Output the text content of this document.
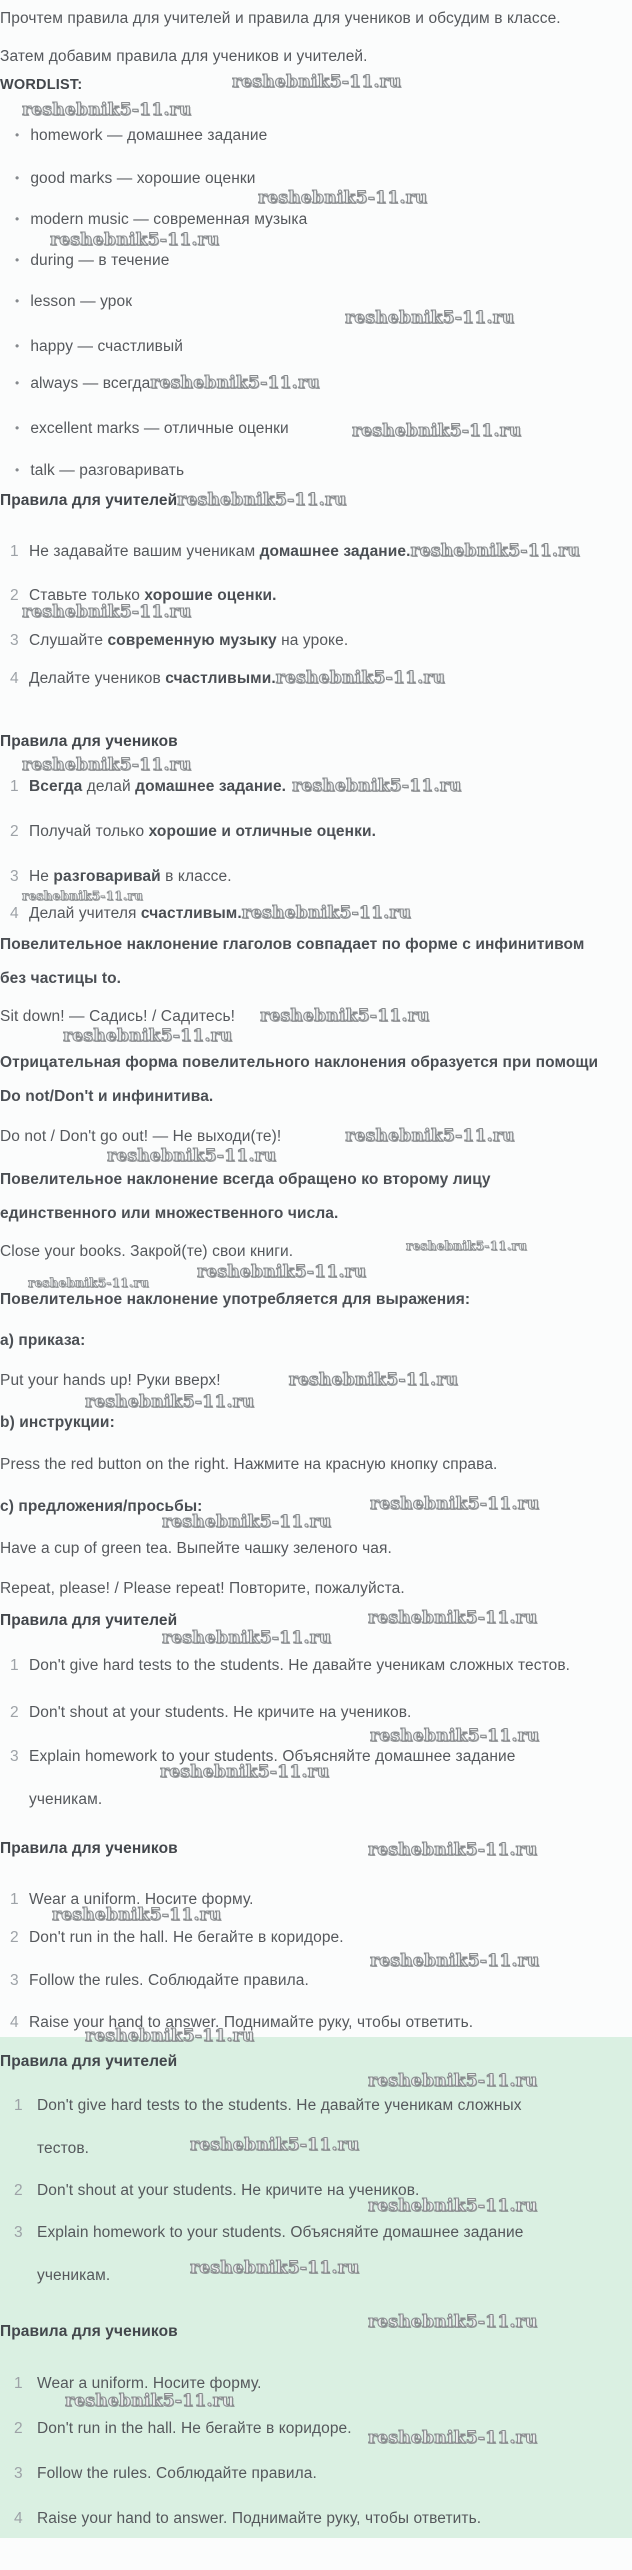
Прочтем правила для учителей и правила для учеников и обсудим в классе.
Затем добавим правила для учеников и учителей.
WORDLIST:
• homework — домашнее задание
• good marks — хорошие оценки
• modern music — современная музыка
• during — в течение
• lesson — урок
• happy — счастливый
• always — всегдаreshebnik5-11.ru
• excellent marks — отличные оценки
• talk — разговаривать
Правила для учителейreshebnik5-11.ru
1 Не задавайте вашим ученикам домашнее задание.reshebnik5-11.ru
2 Ставьте только хорошие оценки.
3 Слушайте современную музыку на уроке.
4 Делайте учеников счастливыми.reshebnik5-11.ru
Правила для учеников
1 Всегда делай домашнее задание. reshebnik5-11.ru
2 Получай только хорошие и отличные оценки.
3 Не разговаривай в классе.
4 Делай учителя счастливым.reshebnik5-11.ru
Повелительное наклонение глаголов совпадает по форме с инфинитивом без частицы to.
Sit down! — Садись! / Садитесь! reshebnik5-11.ru
Отрицательная форма повелительного наклонения образуется при помощи Do not/Don't и инфинитива.
Do not / Don't go out! — Не выходи(те)!	reshebnik5-11.ru
Повелительное наклонение всегда обращено ко второму лицу единственного или множественного числа.
Close your books. Закрой(те) свои книги.
Повелительное наклонение употребляется для выражения:
а) приказа:
Put your hands up! Руки вверх!	reshebnik5-11.ru
b) инструкции:
Press the red button on the right. Нажмите на красную кнопку справа.
с) предложения/просьбы:
Have a cup of green tea. Выпейте чашку зеленого чая.
Repeat, please! / Please repeat! Повторите, пожалуйста.
Правила для учителей
1 Don't give hard tests to the students. Не давайте ученикам сложных тестов.
2 Don't shout at your students. Не кричите на учеников.
3 Explain homework to your students. Объясняйте домашнее задание ученикам.
Правила для учеников
1 Wear a uniform. Носите форму.
2 Don't run in the hall. Не бегайте в коридоре.
3 Follow the rules. Соблюдайте правила.
4 Raise your hand to answer. Поднимайте руку, чтобы ответить.
Правила для учителей
1 Don't give hard tests to the students. Не давайте ученикам сложных тестов.
2 Don't shout at your students. Не кричите на учеников.
3 Explain homework to your students. Объясняйте домашнее задание ученикам.
Правила для учеников
1 Wear a uniform. Носите форму.
2 Don't run in the hall. Не бегайте в коридоре.
3 Follow the rules. Соблюдайте правила.
4 Raise your hand to answer. Поднимайте руку, чтобы ответить.
reshebnik5-11.ru
reshebnik5-11.ru
reshebnik5-11.ru
reshebnik5-11.ru
reshebnik5-11.ru
reshebnik5-11.ru
reshebnik5-11.ru
reshebnik5-11.ru
reshebnik5-11.ru
reshebnik5-11.ru
reshebnik5-11.ru
reshebnik5-11.ru
reshebnik5-11.ru
reshebnik5-11.ru
reshebnik5-11.ru
reshebnik5-11.ru
reshebnik5-11.ru
reshebnik5-11.ru
reshebnik5-11.ru
reshebnik5-11.ru
reshebnik5-11.ru
reshebnik5-11.ru
reshebnik5-11.ru
reshebnik5-11.ru
reshebnik5-11.ru
reshebnik5-11.ru
reshebnik5-11.ru
reshebnik5-11.ru
reshebnik5-11.ru
reshebnik5-11.ru
reshebnik5-11.ru
reshebnik5-11.ru
